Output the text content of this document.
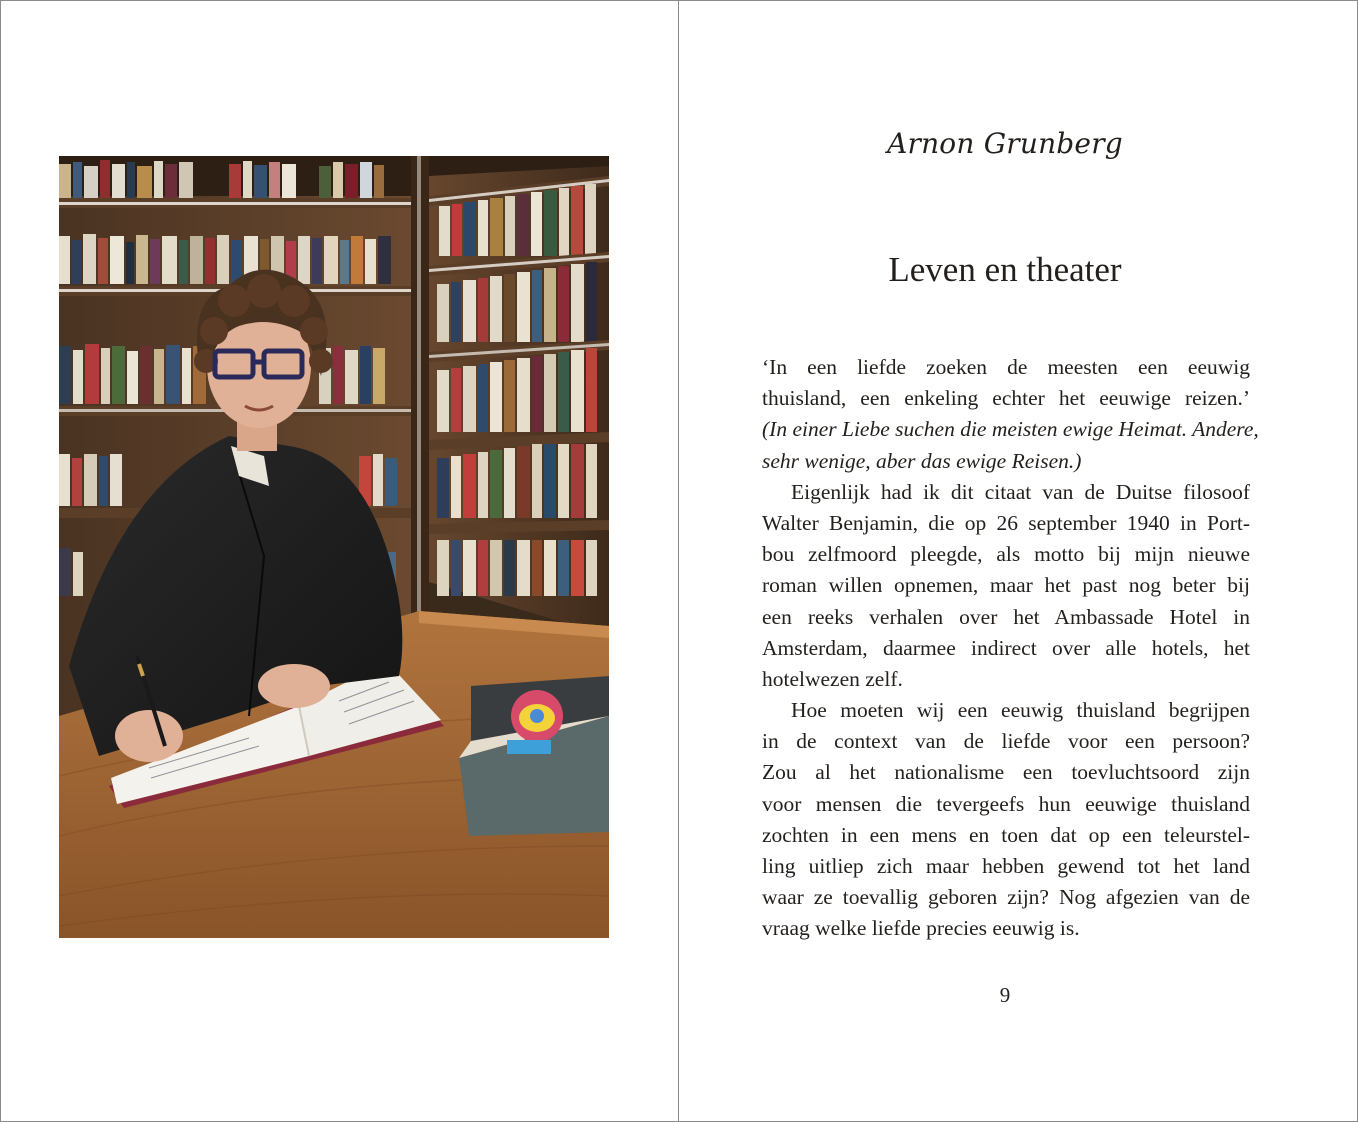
Arnon Grunberg
Leven en theater
‘In een liefde zoeken de meesten een eeuwig
thuisland, een enkeling echter het eeuwige reizen.’
(In einer Liebe suchen die meisten ewige Heimat. Andere,
sehr wenige, aber das ewige Reisen.)
Eigenlijk had ik dit citaat van de Duitse filosoof
Walter Benjamin, die op 26 september 1940 in Port-
bou zelfmoord pleegde, als motto bij mijn nieuwe
roman willen opnemen, maar het past nog beter bij
een reeks verhalen over het Ambassade Hotel in
Amsterdam, daarmee indirect over alle hotels, het
hotelwezen zelf.
Hoe moeten wij een eeuwig thuisland begrijpen
in de context van de liefde voor een persoon?
Zou al het nationalisme een toevluchtsoord zijn
voor mensen die tevergeefs hun eeuwige thuisland
zochten in een mens en toen dat op een teleurstel-
ling uitliep zich maar hebben gewend tot het land
waar ze toevallig geboren zijn? Nog afgezien van de
vraag welke liefde precies eeuwig is.
9
